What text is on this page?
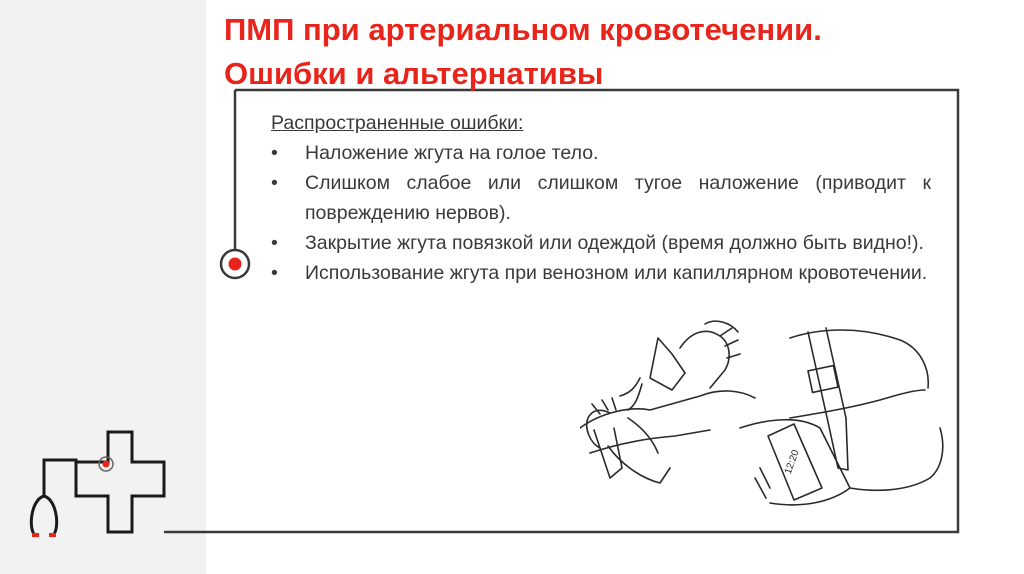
ПМП при артериальном кровотечении.
Ошибки и альтернативы
Распространенные ошибки:
• Наложение жгута на голое тело.
• Слишком слабое или слишком тугое наложение (приводит к повреждению нервов).
• Закрытие жгута повязкой или одеждой (время должно быть видно!).
• Использование жгута при венозном или капиллярном кровотечении.
12:20
